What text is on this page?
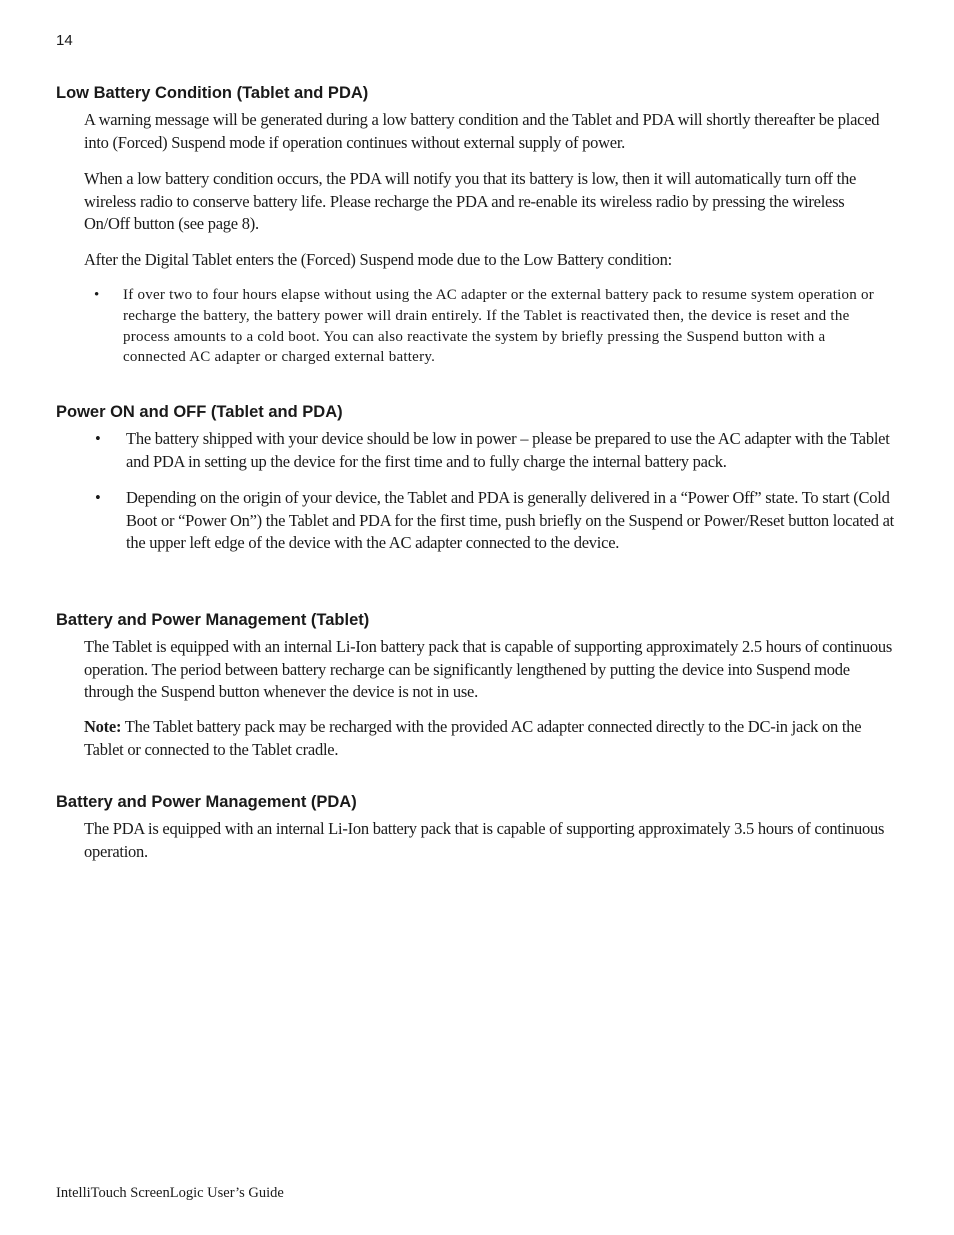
14
Low Battery Condition (Tablet and PDA)

A warning message will be generated during a low battery condition and the Tablet and PDA will shortly thereafter be placed into (Forced) Suspend mode if operation continues without external supply of power.

When a low battery condition occurs, the PDA will notify you that its battery is low, then it will automatically turn off the wireless radio to conserve battery life. Please recharge the PDA and re-enable its wireless radio by pressing the wireless On/Off button (see page 8).

After the Digital Tablet enters the (Forced) Suspend mode due to the Low Battery condition:

• If over two to four hours elapse without using the AC adapter or the external battery pack to resume system operation or recharge the battery, the battery power will drain entirely. If the Tablet is reactivated then, the device is reset and the process amounts to a cold boot. You can also reactivate the system by briefly pressing the Suspend button with a connected AC adapter or charged external battery.

Power ON and OFF (Tablet and PDA)
• The battery shipped with your device should be low in power – please be prepared to use the AC adapter with the Tablet and PDA in setting up the device for the first time and to fully charge the internal battery pack.

• Depending on the origin of your device, the Tablet and PDA is generally delivered in a “Power Off” state. To start (Cold Boot or “Power On”) the Tablet and PDA for the first time, push briefly on the Suspend or Power/Reset button located at the upper left edge of the device with the AC adapter connected to the device.

Battery and Power Management (Tablet)

The Tablet is equipped with an internal Li-Ion battery pack that is capable of supporting approximately 2.5 hours of continuous operation. The period between battery recharge can be significantly lengthened by putting the device into Suspend mode through the Suspend button whenever the device is not in use.

Note: The Tablet battery pack may be recharged with the provided AC adapter connected directly to the DC-in jack on the Tablet or connected to the Tablet cradle.

Battery and Power Management (PDA)

The PDA is equipped with an internal Li-Ion battery pack that is capable of supporting approximately 3.5 hours of continuous operation.

IntelliTouch ScreenLogic User’s Guide
